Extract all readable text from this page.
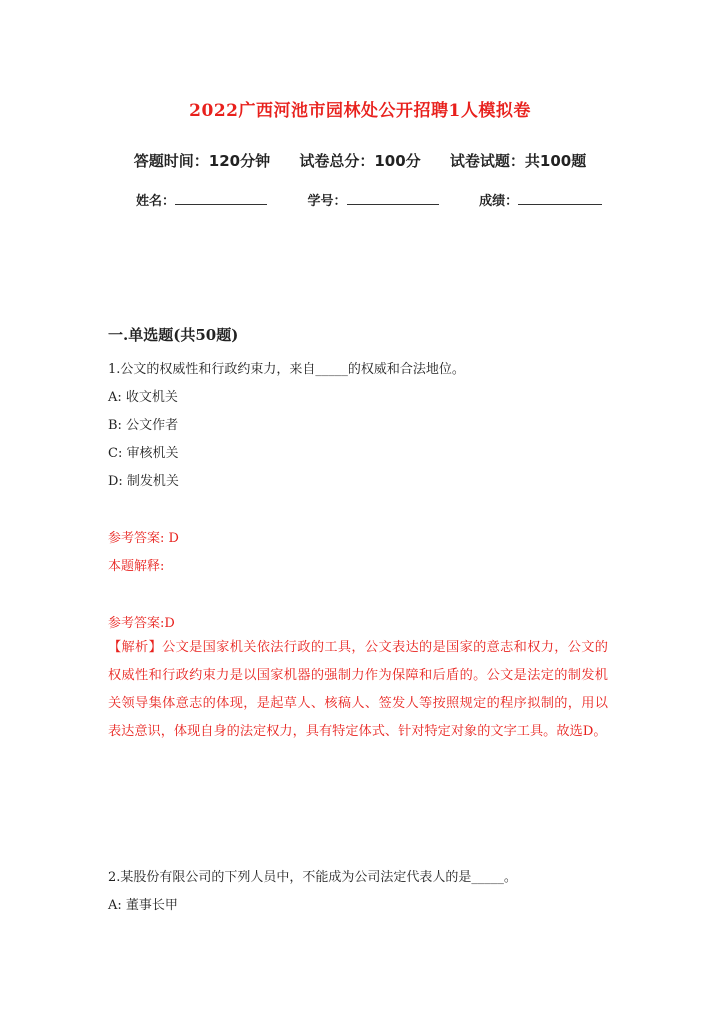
2022广西河池市园林处公开招聘1人模拟卷
答题时间：120分钟 试卷总分：100分 试卷试题：共100题
姓名：	学号：	成绩：
一.单选题(共50题)
1.公文的权威性和行政约束力，来自_____的权威和合法地位。
A: 收文机关
B: 公文作者
C: 审核机关
D: 制发机关
参考答案: D
本题解释:
参考答案:D
【解析】公文是国家机关依法行政的工具，公文表达的是国家的意志和权力，公文的权威性和行政约束力是以国家机器的强制力作为保障和后盾的。公文是法定的制发机关领导集体意志的体现，是起草人、核稿人、签发人等按照规定的程序拟制的，用以表达意识，体现自身的法定权力，具有特定体式、针对特定对象的文字工具。故选D。
2.某股份有限公司的下列人员中，不能成为公司法定代表人的是_____。
A: 董事长甲
